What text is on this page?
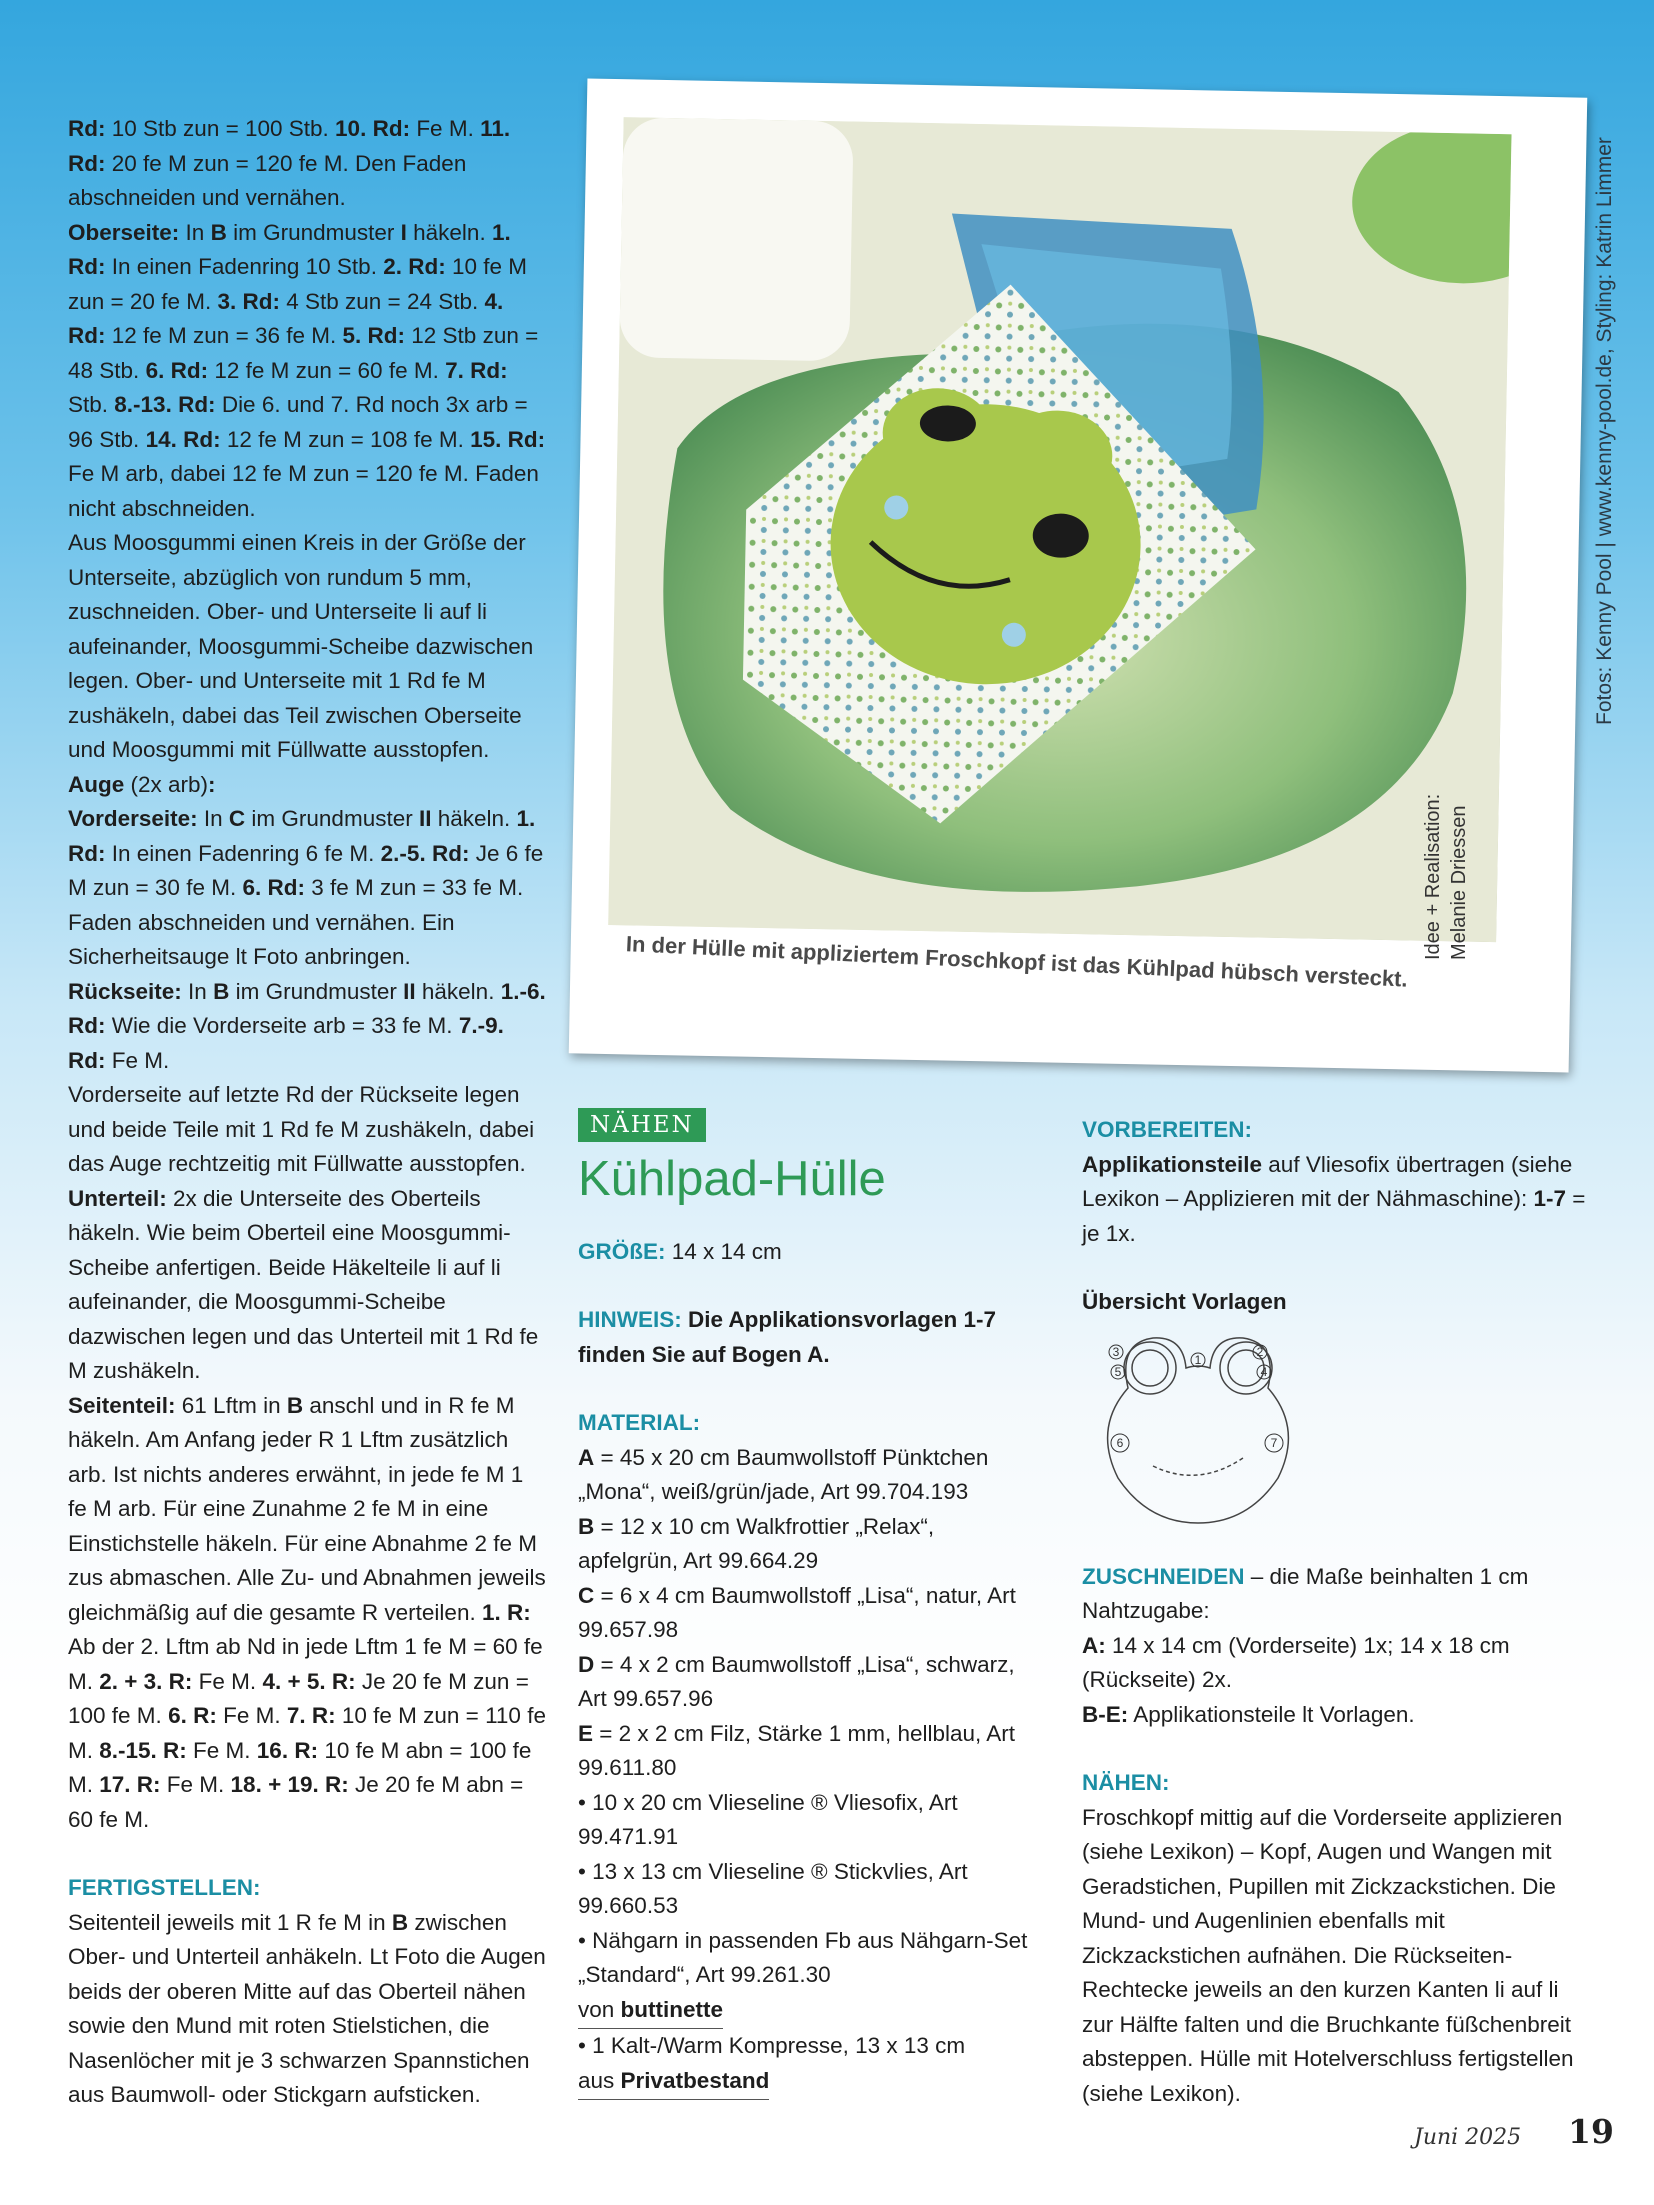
Rd: 10 Stb zun = 100 Stb. 10. Rd: Fe M. 11. Rd: 20 fe M zun = 120 fe M. Den Faden abschneiden und vernähen.

Oberseite: In B im Grundmuster I häkeln. 1. Rd: In einen Fadenring 10 Stb. 2. Rd: 10 fe M zun = 20 fe M. 3. Rd: 4 Stb zun = 24 Stb. 4. Rd: 12 fe M zun = 36 fe M. 5. Rd: 12 Stb zun = 48 Stb. 6. Rd: 12 fe M zun = 60 fe M. 7. Rd: Stb. 8.-13. Rd: Die 6. und 7. Rd noch 3x arb = 96 Stb. 14. Rd: 12 fe M zun = 108 fe M. 15. Rd: Fe M arb, dabei 12 fe M zun = 120 fe M. Faden nicht abschneiden.

Aus Moosgummi einen Kreis in der Größe der Unterseite, abzüglich von rundum 5 mm, zuschneiden. Ober- und Unterseite li auf li aufeinander, Moosgummi-Scheibe dazwischen legen. Ober- und Unterseite mit 1 Rd fe M zushäkeln, dabei das Teil zwischen Oberseite und Moosgummi mit Füllwatte ausstopfen.

Auge (2x arb):

Vorderseite: In C im Grundmuster II häkeln. 1. Rd: In einen Fadenring 6 fe M. 2.-5. Rd: Je 6 fe M zun = 30 fe M. 6. Rd: 3 fe M zun = 33 fe M. Faden abschneiden und vernähen. Ein Sicherheitsauge lt Foto anbringen.

Rückseite: In B im Grundmuster II häkeln. 1.-6. Rd: Wie die Vorderseite arb = 33 fe M. 7.-9. Rd: Fe M.

Vorderseite auf letzte Rd der Rückseite legen und beide Teile mit 1 Rd fe M zushäkeln, dabei das Auge rechtzeitig mit Füllwatte ausstopfen.

Unterteil: 2x die Unterseite des Oberteils häkeln. Wie beim Oberteil eine Moosgummi-Scheibe anfertigen. Beide Häkelteile li auf li aufeinander, die Moosgummi-Scheibe dazwischen legen und das Unterteil mit 1 Rd fe M zushäkeln.

Seitenteil: 61 Lftm in B anschl und in R fe M häkeln. Am Anfang jeder R 1 Lftm zusätzlich arb. Ist nichts anderes erwähnt, in jede fe M 1 fe M arb. Für eine Zunahme 2 fe M in eine Einstichstelle häkeln. Für eine Abnahme 2 fe M zus abmaschen. Alle Zu- und Abnahmen jeweils gleichmäßig auf die gesamte R verteilen. 1. R: Ab der 2. Lftm ab Nd in jede Lftm 1 fe M = 60 fe M. 2. + 3. R: Fe M. 4. + 5. R: Je 20 fe M zun = 100 fe M. 6. R: Fe M. 7. R: 10 fe M zun = 110 fe M. 8.-15. R: Fe M. 16. R: 10 fe M abn = 100 fe M. 17. R: Fe M. 18. + 19. R: Je 20 fe M abn = 60 fe M.

FERTIGSTELLEN:

Seitenteil jeweils mit 1 R fe M in B zwischen Ober- und Unterteil anhäkeln. Lt Foto die Augen beids der oberen Mitte auf das Oberteil nähen sowie den Mund mit roten Stielstichen, die Nasenlöcher mit je 3 schwarzen Spannstichen aus Baumwoll- oder Stickgarn aufsticken.

In der Hülle mit appliziertem Froschkopf ist das Kühlpad hübsch versteckt.
Idee + Realisation: Melanie Driessen
Fotos: Kenny Pool | www.kenny-pool.de, Styling: Katrin Limmer
NÄHEN
Kühlpad-Hülle

GRÖßE: 14 x 14 cm

HINWEIS: Die Applikationsvorlagen 1-7 finden Sie auf Bogen A.

MATERIAL:

A = 45 x 20 cm Baumwollstoff Pünktchen „Mona“, weiß/grün/jade, Art 99.704.193

B = 12 x 10 cm Walkfrottier „Relax“, apfelgrün, Art 99.664.29

C = 6 x 4 cm Baumwollstoff „Lisa“, natur, Art 99.657.98

D = 4 x 2 cm Baumwollstoff „Lisa“, schwarz, Art 99.657.96

E = 2 x 2 cm Filz, Stärke 1 mm, hellblau, Art 99.611.80

• 10 x 20 cm Vlieseline ® Vliesofix, Art 99.471.91

• 13 x 13 cm Vlieseline ® Stickvlies, Art 99.660.53

• Nähgarn in passenden Fb aus Nähgarn-Set „Standard“, Art 99.261.30

von buttinette

• 1 Kalt-/Warm Kompresse, 13 x 13 cm

aus Privatbestand

VORBEREITEN:

Applikationsteile auf Vliesofix übertragen (siehe Lexikon – Applizieren mit der Nähmaschine): 1-7 = je 1x.

Übersicht Vorlagen

ZUSCHNEIDEN – die Maße beinhalten 1 cm Nahtzugabe:

A: 14 x 14 cm (Vorderseite) 1x; 14 x 18 cm (Rückseite) 2x.

B-E: Applikationsteile lt Vorlagen.

NÄHEN:

Froschkopf mittig auf die Vorderseite applizieren (siehe Lexikon) – Kopf, Augen und Wangen mit Geradstichen, Pupillen mit Zickzackstichen. Die Mund- und Augenlinien ebenfalls mit Zickzackstichen aufnähen. Die Rückseiten-Rechtecke jeweils an den kurzen Kanten li auf li zur Hälfte falten und die Bruchkante füßchenbreit absteppen. Hülle mit Hotelverschluss fertigstellen (siehe Lexikon).

1
2
3
4
5
6	7
Juni 2025 19
